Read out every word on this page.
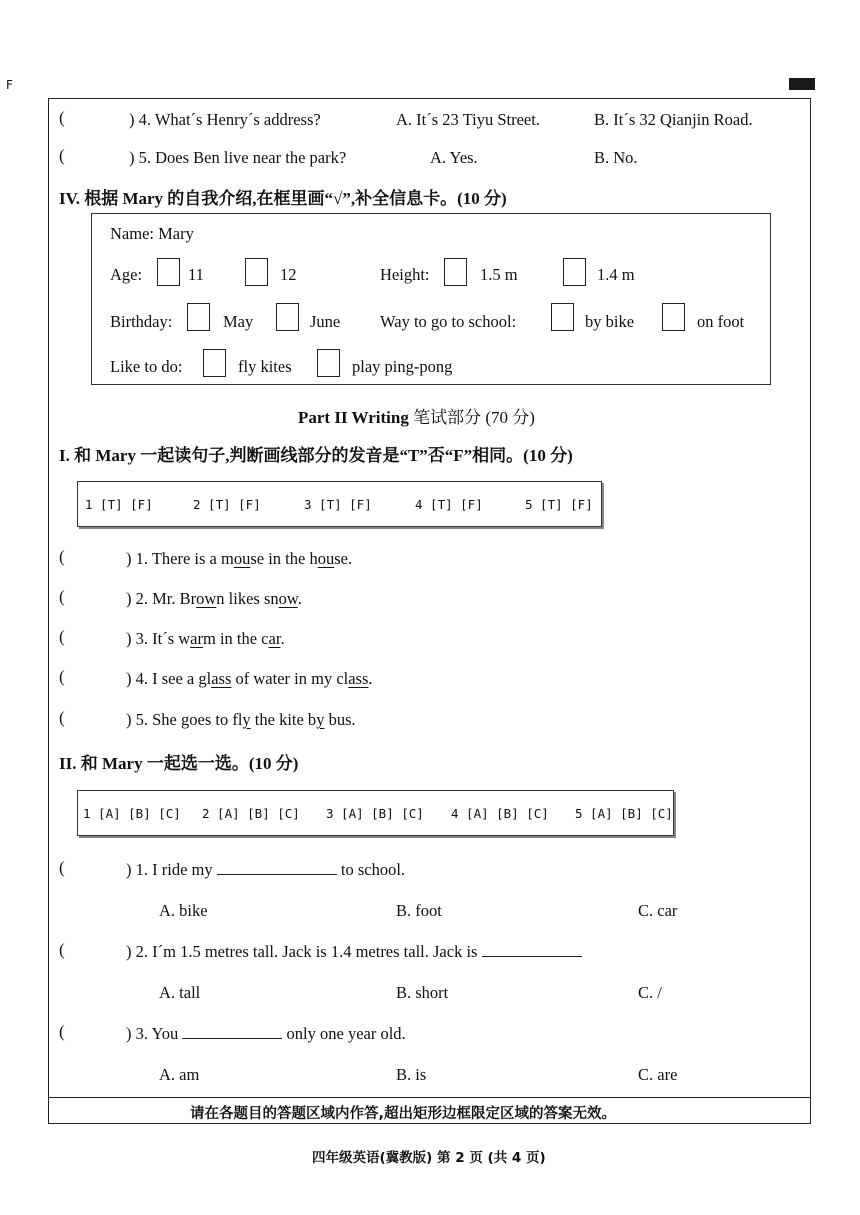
F
(	) 4. What´s Henry´s address?	A. It´s 23 Tiyu Street.	B. It´s 32 Qianjin Road.
(	) 5. Does Ben live near the park?	A. Yes.	B. No.
IV. 根据 Mary 的自我介绍,在框里画“√”,补全信息卡。(10 分)
Name: Mary
Age:	11	12	Height:	1.5 m	1.4 m
Birthday:	May	June Way to go to school:	by bike	on foot
Like to do:	fly kites	play ping-pong
Part II Writing 笔试部分 (70 分)
I. 和 Mary 一起读句子,判断画线部分的发音是“T”否“F”相同。(10 分)
1 [T] [F]	2 [T] [F]	3 [T] [F]	4 [T] [F]	5 [T] [F]
(	) 1. There is a mouse in the house.
(	) 2. Mr. Brown likes snow.
(	) 3. It´s warm in the car.
(	) 4. I see a glass of water in my class.
(	) 5. She goes to fly the kite by bus.
II. 和 Mary 一起选一选。(10 分)
1 [A] [B] [C] 2 [A] [B] [C] 3 [A] [B] [C] 4 [A] [B] [C] 5 [A] [B] [C]
(	) 1. I ride my	to school.
A. bike	B. foot	C. car
(	) 2. I´m 1.5 metres tall. Jack is 1.4 metres tall. Jack is
A. tall	B. short	C. /
(	) 3. You	only one year old.
A. am	B. is	C. are
请在各题目的答题区域内作答,超出矩形边框限定区域的答案无效。
四年级英语(冀教版) 第 2 页 (共 4 页)
